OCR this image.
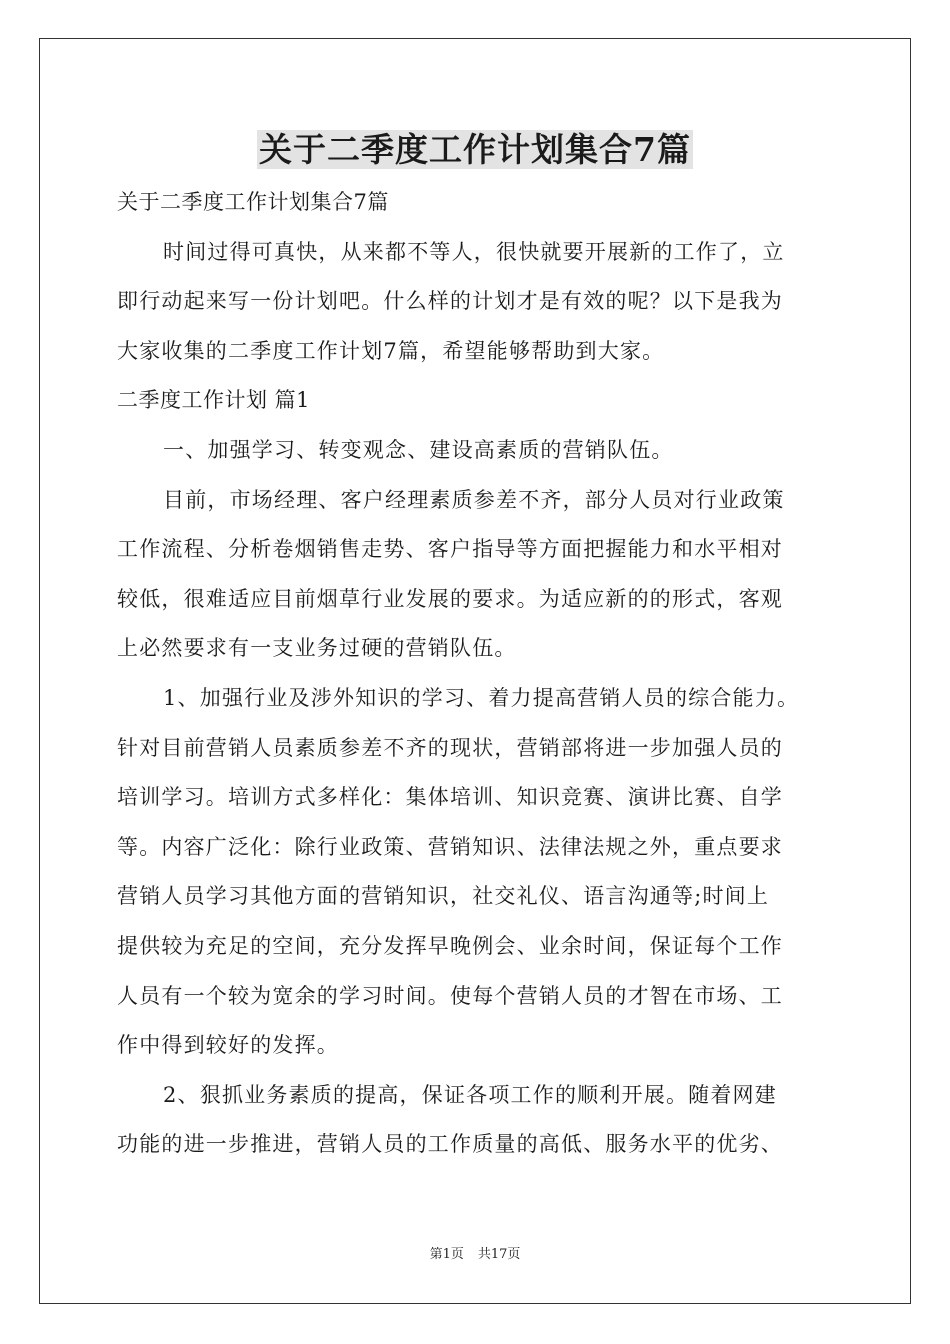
关于二季度工作计划集合7篇

关于二季度工作计划集合7篇

时间过得可真快，从来都不等人，很快就要开展新的工作了，立

即行动起来写一份计划吧。什么样的计划才是有效的呢？以下是我为

大家收集的二季度工作计划7篇，希望能够帮助到大家。

二季度工作计划 篇1

一、加强学习、转变观念、建设高素质的营销队伍。

目前，市场经理、客户经理素质参差不齐，部分人员对行业政策

工作流程、分析卷烟销售走势、客户指导等方面把握能力和水平相对

较低，很难适应目前烟草行业发展的要求。为适应新的的形式，客观

上必然要求有一支业务过硬的营销队伍。

1、加强行业及涉外知识的学习、着力提高营销人员的综合能力。

针对目前营销人员素质参差不齐的现状，营销部将进一步加强人员的

培训学习。培训方式多样化：集体培训、知识竞赛、演讲比赛、自学

等。内容广泛化：除行业政策、营销知识、法律法规之外，重点要求

营销人员学习其他方面的营销知识，社交礼仪、语言沟通等;时间上

提供较为充足的空间，充分发挥早晚例会、业余时间，保证每个工作

人员有一个较为宽余的学习时间。使每个营销人员的才智在市场、工

作中得到较好的发挥。

2、狠抓业务素质的提高，保证各项工作的顺利开展。随着网建

功能的进一步推进，营销人员的工作质量的高低、服务水平的优劣、

第1页 共17页
